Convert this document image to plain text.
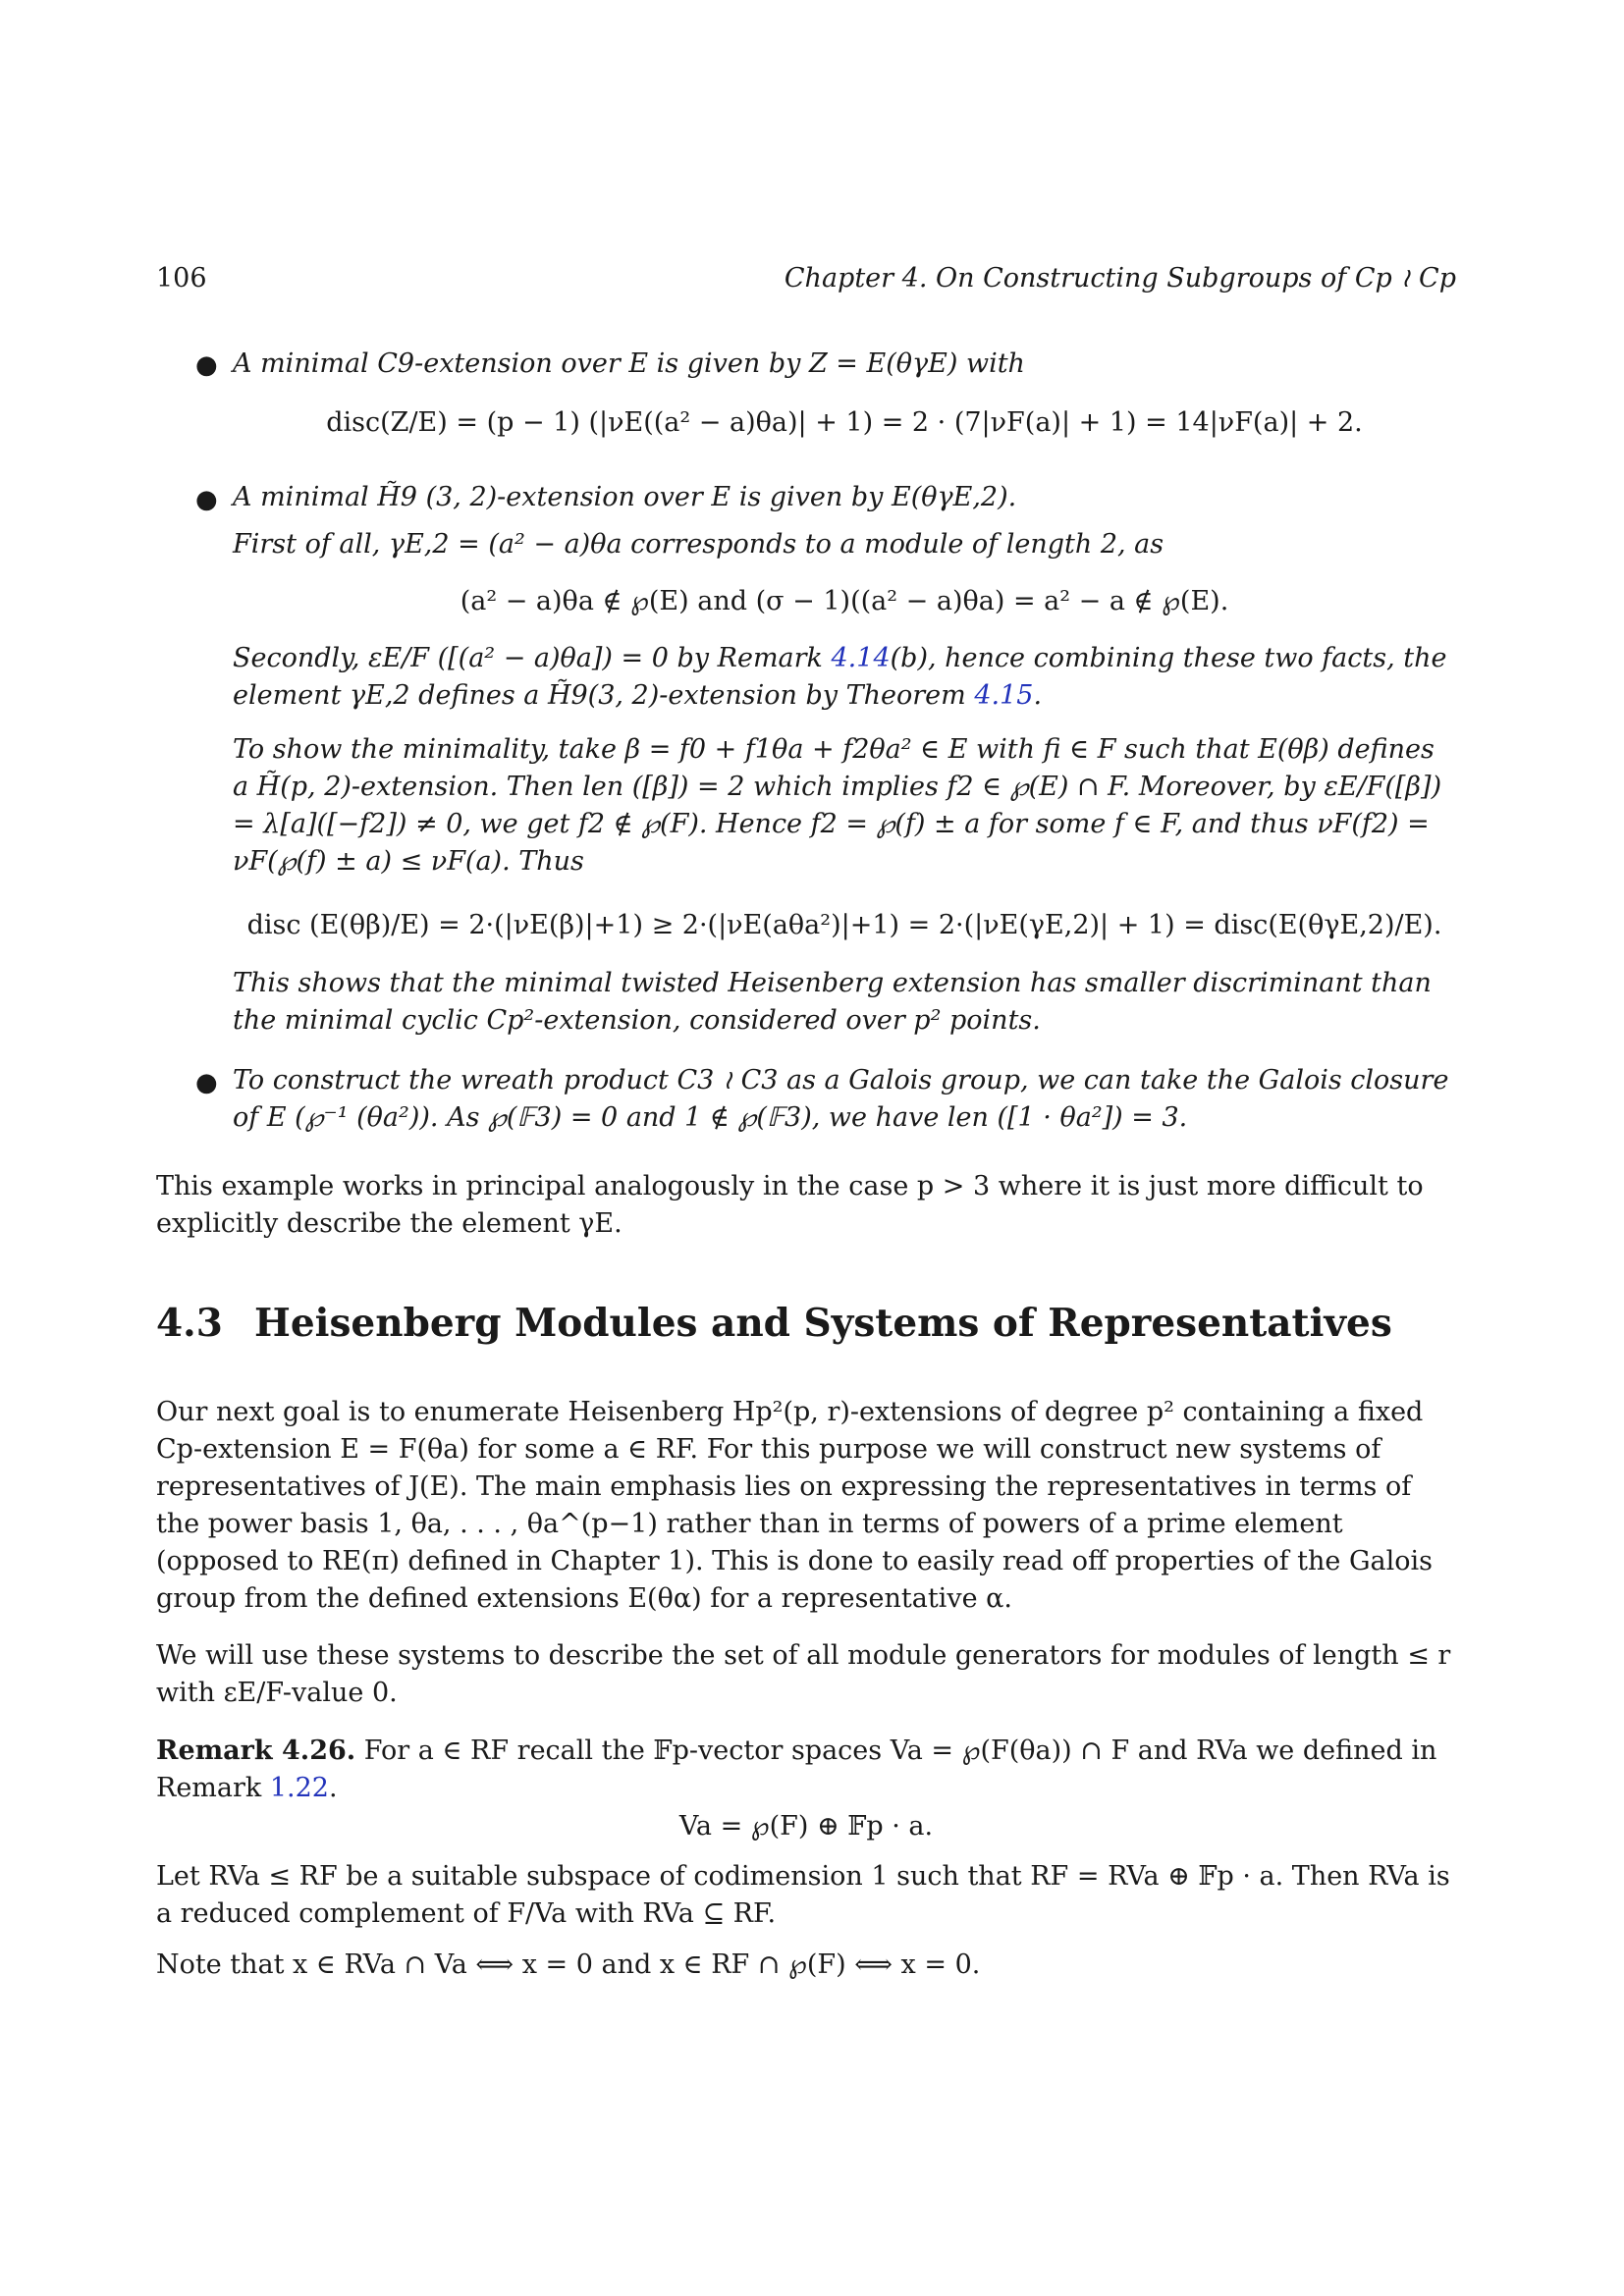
106	Chapter 4. On Constructing Subgroups of Cp ≀ Cp
● A minimal C9-extension over E is given by Z = E(θγE) with
disc(Z/E) = (p − 1) (|νE((a² − a)θa)| + 1) = 2 · (7|νF(a)| + 1) = 14|νF(a)| + 2.
● A minimal H̃9 (3, 2)-extension over E is given by E(θγE,2).
First of all, γE,2 = (a² − a)θa corresponds to a module of length 2, as
(a² − a)θa ∉ ℘(E) and (σ − 1)((a² − a)θa) = a² − a ∉ ℘(E).
Secondly, εE/F ([(a² − a)θa]) = 0 by Remark 4.14(b), hence combining these two facts, the element γE,2 defines a H̃9(3, 2)-extension by Theorem 4.15.
To show the minimality, take β = f0 + f1θa + f2θa² ∈ E with fi ∈ F such that E(θβ) defines a H̃(p, 2)-extension. Then len ([β]) = 2 which implies f2 ∈ ℘(E) ∩ F. Moreover, by εE/F([β]) = λ[a]([−f2]) ≠ 0, we get f2 ∉ ℘(F). Hence f2 = ℘(f) ± a for some f ∈ F, and thus νF(f2) = νF(℘(f) ± a) ≤ νF(a). Thus
disc (E(θβ)/E) = 2·(|νE(β)|+1) ≥ 2·(|νE(aθa²)|+1) = 2·(|νE(γE,2)| + 1) = disc(E(θγE,2)/E).
This shows that the minimal twisted Heisenberg extension has smaller discriminant than the minimal cyclic Cp²-extension, considered over p² points.
● To construct the wreath product C3 ≀ C3 as a Galois group, we can take the Galois closure of E (℘⁻¹ (θa²)). As ℘(𝔽3) = 0 and 1 ∉ ℘(𝔽3), we have len ([1 · θa²]) = 3.
This example works in principal analogously in the case p > 3 where it is just more difficult to explicitly describe the element γE.
4.3 Heisenberg Modules and Systems of Representatives
Our next goal is to enumerate Heisenberg Hp²(p, r)-extensions of degree p² containing a fixed Cp-extension E = F(θa) for some a ∈ RF. For this purpose we will construct new systems of representatives of J(E). The main emphasis lies on expressing the representatives in terms of the power basis 1, θa, . . . , θa^(p−1) rather than in terms of powers of a prime element (opposed to RE(π) defined in Chapter 1). This is done to easily read off properties of the Galois group from the defined extensions E(θα) for a representative α.
We will use these systems to describe the set of all module generators for modules of length ≤ r with εE/F-value 0.
Remark 4.26. For a ∈ RF recall the 𝔽p-vector spaces Va = ℘(F(θa)) ∩ F and RVa we defined in Remark 1.22.
Va = ℘(F) ⊕ 𝔽p · a.
Let RVa ≤ RF be a suitable subspace of codimension 1 such that RF = RVa ⊕ 𝔽p · a. Then RVa is a reduced complement of F/Va with RVa ⊆ RF.
Note that x ∈ RVa ∩ Va ⟺ x = 0 and x ∈ RF ∩ ℘(F) ⟺ x = 0.
